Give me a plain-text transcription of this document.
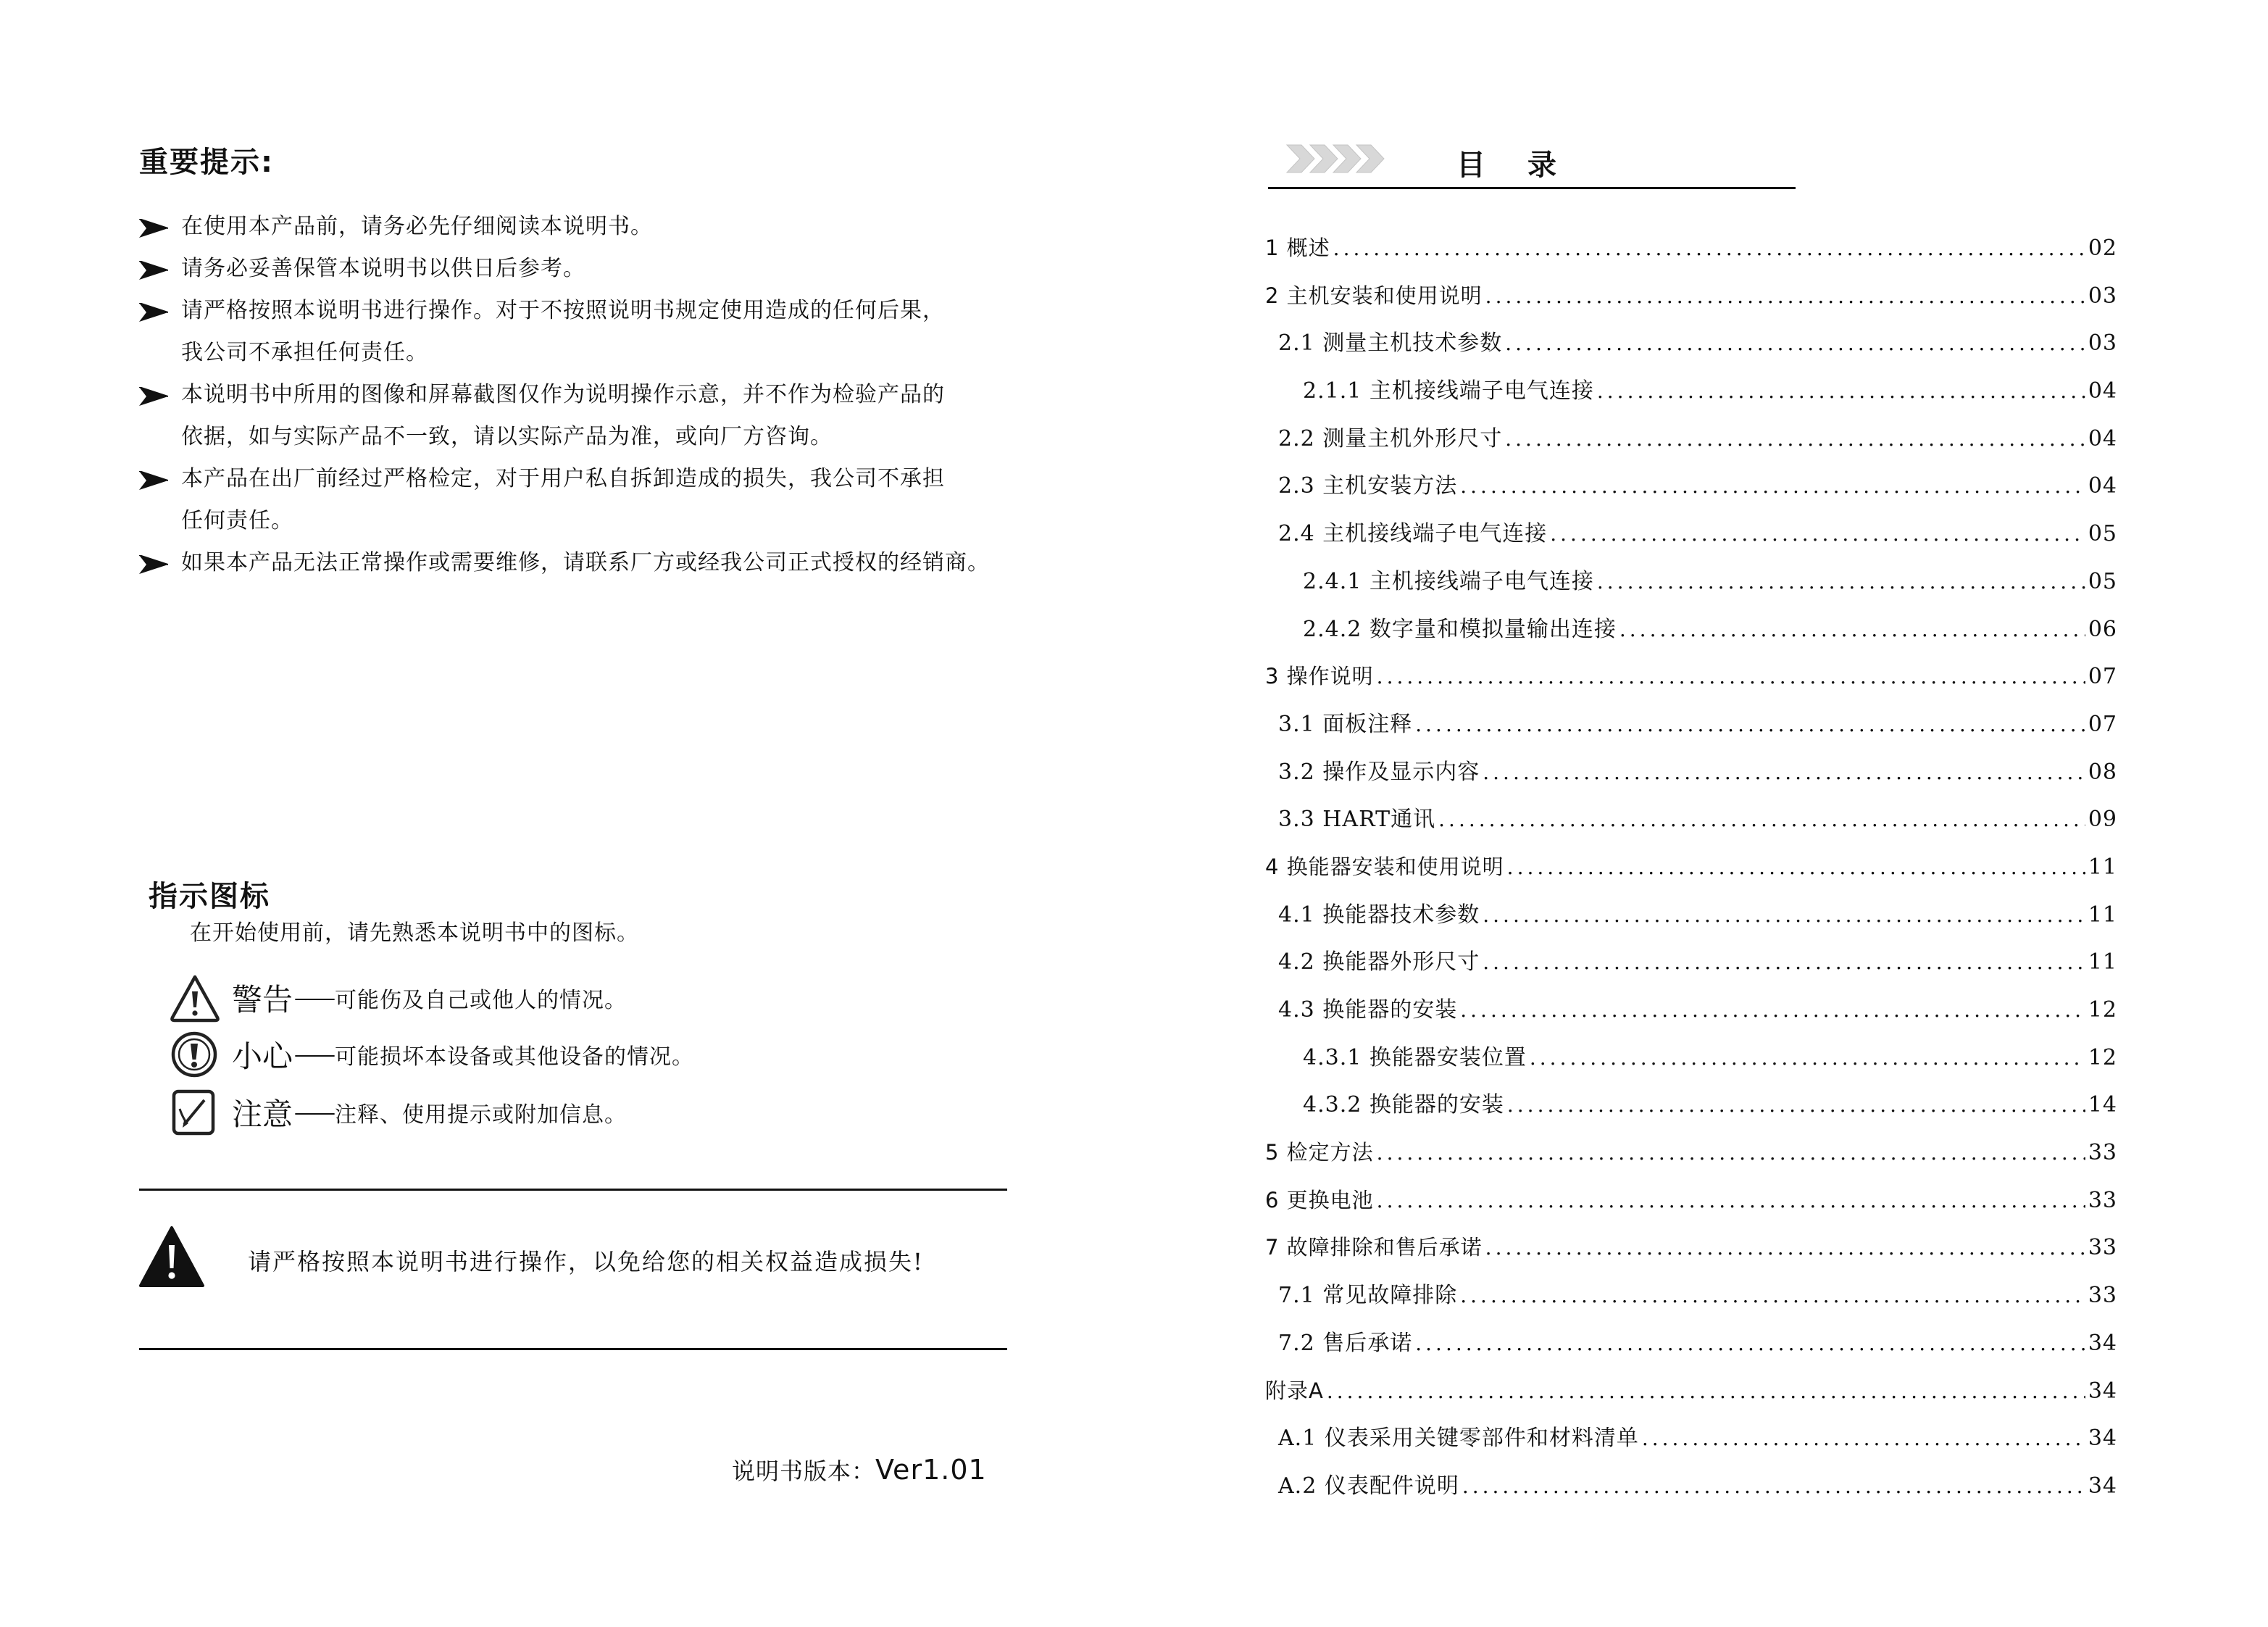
重要提示:
在使用本产品前，请务必先仔细阅读本说明书。
请务必妥善保管本说明书以供日后参考。
请严格按照本说明书进行操作。对于不按照说明书规定使用造成的任何后果，
我公司不承担任何责任。
本说明书中所用的图像和屏幕截图仅作为说明操作示意，并不作为检验产品的
依据，如与实际产品不一致，请以实际产品为准，或向厂方咨询。
本产品在出厂前经过严格检定，对于用户私自拆卸造成的损失，我公司不承担
任何责任。
如果本产品无法正常操作或需要维修，请联系厂方或经我公司正式授权的经销商。
指示图标
在开始使用前，请先熟悉本说明书中的图标。
警告 —— 可能伤及自己或他人的情况。
小心 —— 可能损坏本设备或其他设备的情况。
注意 —— 注释、使用提示或附加信息。
请严格按照本说明书进行操作，以免给您的相关权益造成损失!
说明书版本：Ver1.01
目录
1 概述 .....	02
2 主机安装和使用说明 .....	03
2.1 测量主机技术参数 .....	03
2.1.1 主机接线端子电气连接 .....	04
2.2 测量主机外形尺寸 .....	04
2.3 主机安装方法 .....	04
2.4 主机接线端子电气连接 .....	05
2.4.1 主机接线端子电气连接 .....	05
2.4.2 数字量和模拟量输出连接 .....	06
3 操作说明 .....	07
3.1 面板注释 .....	07
3.2 操作及显示内容 .....	08
3.3 HART通讯 .....	09
4 换能器安装和使用说明 .....	11
4.1 换能器技术参数 .....	11
4.2 换能器外形尺寸 .....	11
4.3 换能器的安装 .....	12
4.3.1 换能器安装位置 .....	12
4.3.2 换能器的安装 .....	14
5 检定方法 .....	33
6 更换电池 .....	33
7 故障排除和售后承诺 .....	33
7.1 常见故障排除 .....	33
7.2 售后承诺 .....	34
附录A .....	34
A.1 仪表采用关键零部件和材料清单 .....	34
A.2 仪表配件说明 .....	34
